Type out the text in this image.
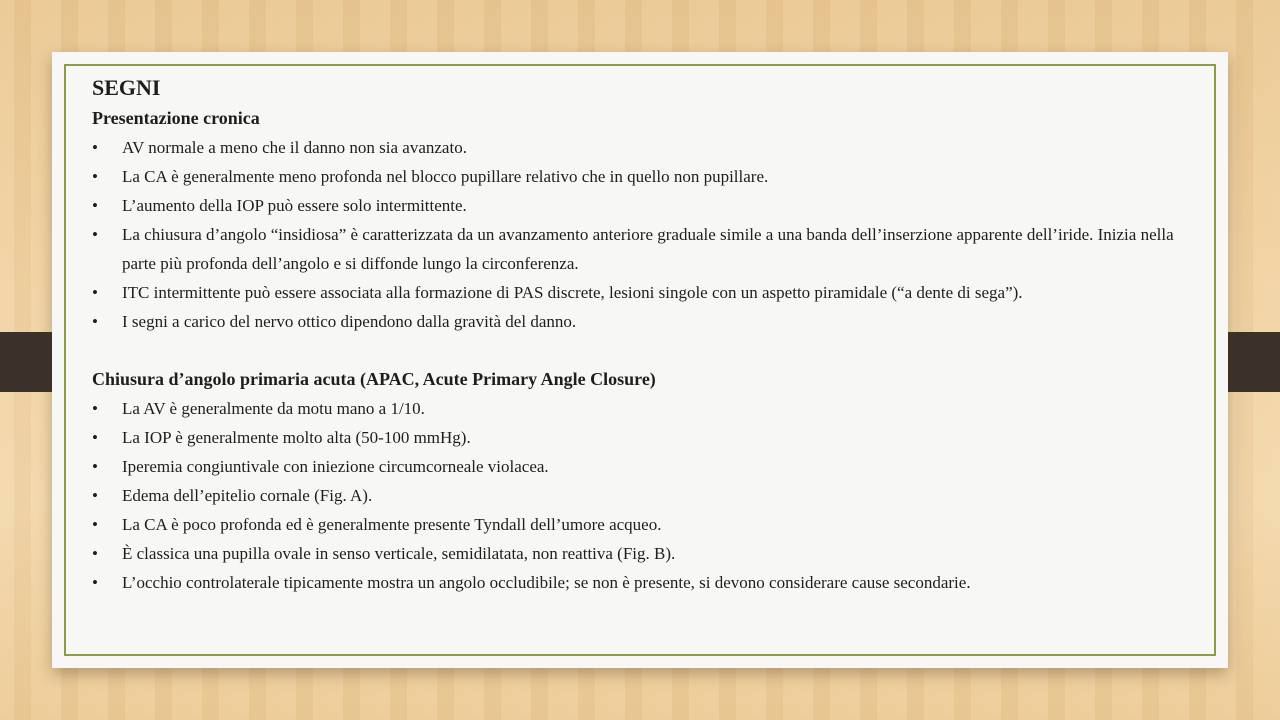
SEGNI
Presentazione cronica
• AV normale a meno che il danno non sia avanzato.
• La CA è generalmente meno profonda nel blocco pupillare relativo che in quello non pupillare.
• L’aumento della IOP può essere solo intermittente.
• La chiusura d’angolo “insidiosa” è caratterizzata da un avanzamento anteriore graduale simile a una banda dell’inserzione apparente dell’iride. Inizia nella parte più profonda dell’angolo e si diffonde lungo la circonferenza.
• ITC intermittente può essere associata alla formazione di PAS discrete, lesioni singole con un aspetto piramidale (“a dente di sega”).
• I segni a carico del nervo ottico dipendono dalla gravità del danno.
Chiusura d’angolo primaria acuta (APAC, Acute Primary Angle Closure)
• La AV è generalmente da motu mano a 1/10.
• La IOP è generalmente molto alta (50-100 mmHg).
• Iperemia congiuntivale con iniezione circumcorneale violacea.
• Edema dell’epitelio cornale (Fig. A).
• La CA è poco profonda ed è generalmente presente Tyndall dell’umore acqueo.
• È classica una pupilla ovale in senso verticale, semidilatata, non reattiva (Fig. B).
• L’occhio controlaterale tipicamente mostra un angolo occludibile; se non è presente, si devono considerare cause secondarie.
